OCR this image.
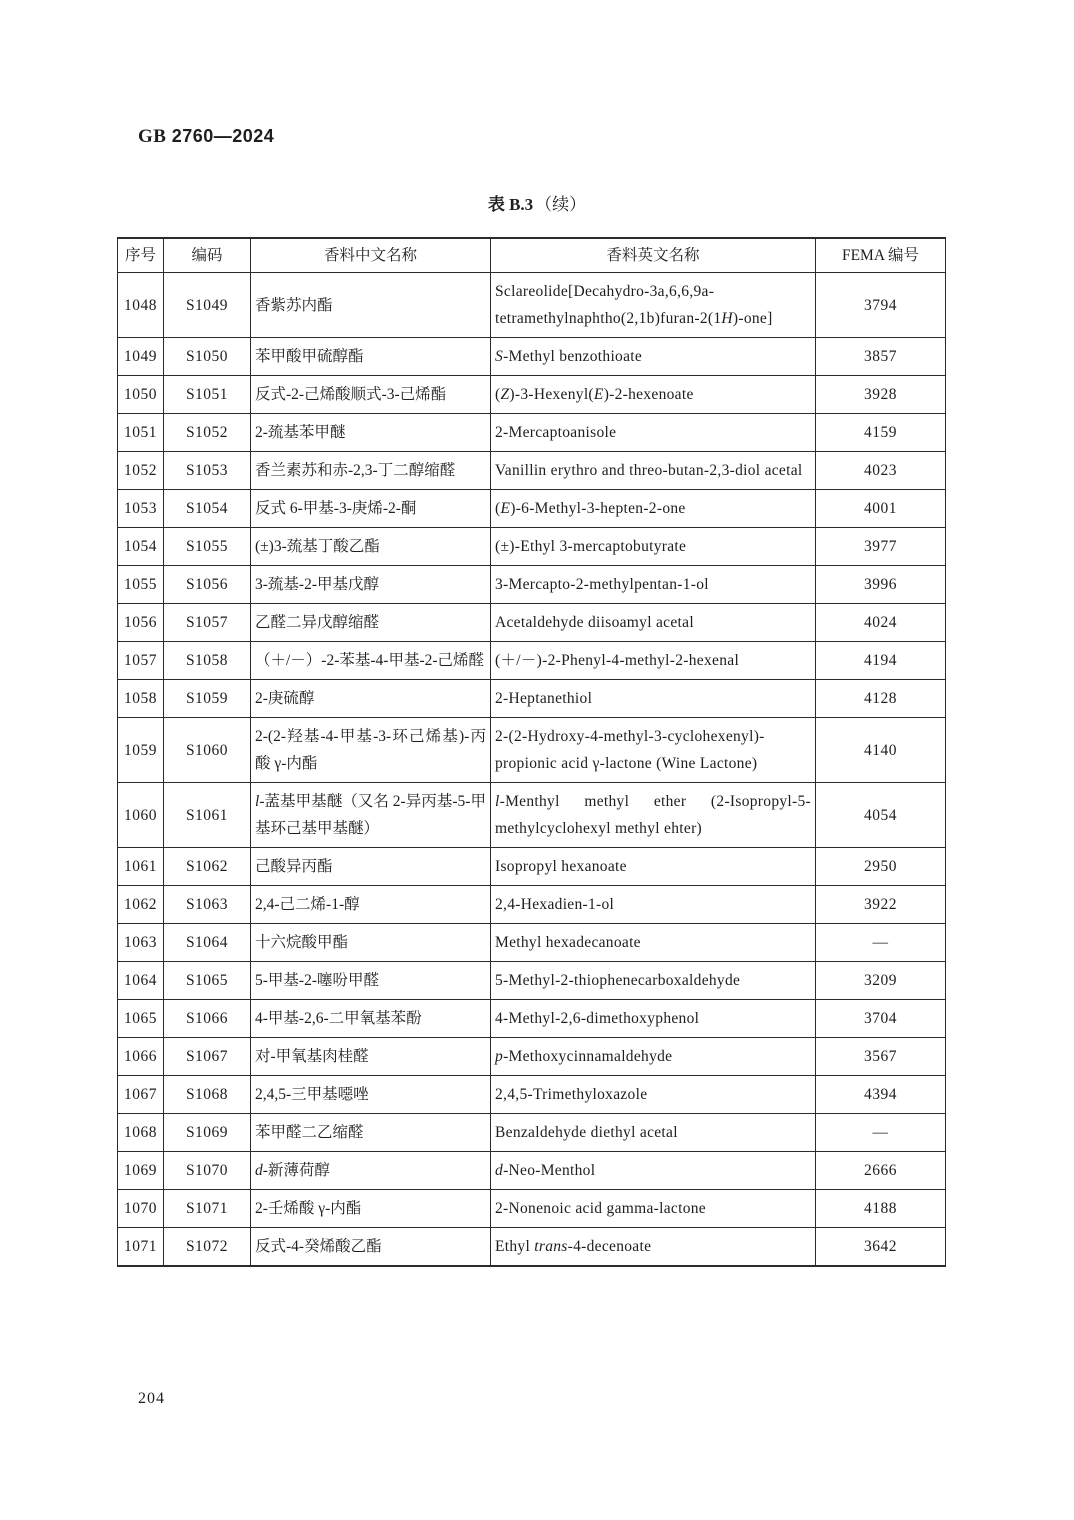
GB 2760—2024
表 B.3 （续）
序号	编码	香料中文名称	香料英文名称	FEMA 编号
1048	S1049	香紫苏内酯	Sclareolide[Decahydro-3a,6,6,9a-tetramethylnaphtho(2,1b)furan-2(1H)-one]	3794
1049	S1050	苯甲酸甲硫醇酯	S-Methyl benzothioate	3857
1050	S1051	反式-2-己烯酸顺式-3-己烯酯	(Z)-3-Hexenyl(E)-2-hexenoate	3928
1051	S1052	2-巯基苯甲醚	2-Mercaptoanisole	4159
1052	S1053	香兰素苏和赤-2,3-丁二醇缩醛	Vanillin erythro and threo-butan-2,3-diol acetal	4023
1053	S1054	反式 6-甲基-3-庚烯-2-酮	(E)-6-Methyl-3-hepten-2-one	4001
1054	S1055	(±)3-巯基丁酸乙酯	(±)-Ethyl 3-mercaptobutyrate	3977
1055	S1056	3-巯基-2-甲基戊醇	3-Mercapto-2-methylpentan-1-ol	3996
1056	S1057	乙醛二异戊醇缩醛	Acetaldehyde diisoamyl acetal	4024
1057	S1058	（＋/－）-2-苯基-4-甲基-2-己烯醛	(＋/－)-2-Phenyl-4-methyl-2-hexenal	4194
1058	S1059	2-庚硫醇	2-Heptanethiol	4128
1059	S1060	2-(2-羟基-4-甲基-3-环己烯基)-丙酸 γ-内酯	2-(2-Hydroxy-4-methyl-3-cyclohexenyl)-propionic acid γ-lactone (Wine Lactone)	4140
1060	S1061	l-䓝基甲基醚（又名 2-异丙基-5-甲基环己基甲基醚）	l-Menthyl methyl ether (2-Isopropyl-5-methylcyclohexyl methyl ehter)	4054
1061	S1062	己酸异丙酯	Isopropyl hexanoate	2950
1062	S1063	2,4-己二烯-1-醇	2,4-Hexadien-1-ol	3922
1063	S1064	十六烷酸甲酯	Methyl hexadecanoate	—
1064	S1065	5-甲基-2-噻吩甲醛	5-Methyl-2-thiophenecarboxaldehyde	3209
1065	S1066	4-甲基-2,6-二甲氧基苯酚	4-Methyl-2,6-dimethoxyphenol	3704
1066	S1067	对-甲氧基肉桂醛	p-Methoxycinnamaldehyde	3567
1067	S1068	2,4,5-三甲基噁唑	2,4,5-Trimethyloxazole	4394
1068	S1069	苯甲醛二乙缩醛	Benzaldehyde diethyl acetal	—
1069	S1070	d-新薄荷醇	d-Neo-Menthol	2666
1070	S1071	2-壬烯酸 γ-内酯	2-Nonenoic acid gamma-lactone	4188
1071	S1072	反式-4-癸烯酸乙酯	Ethyl trans-4-decenoate	3642
204
